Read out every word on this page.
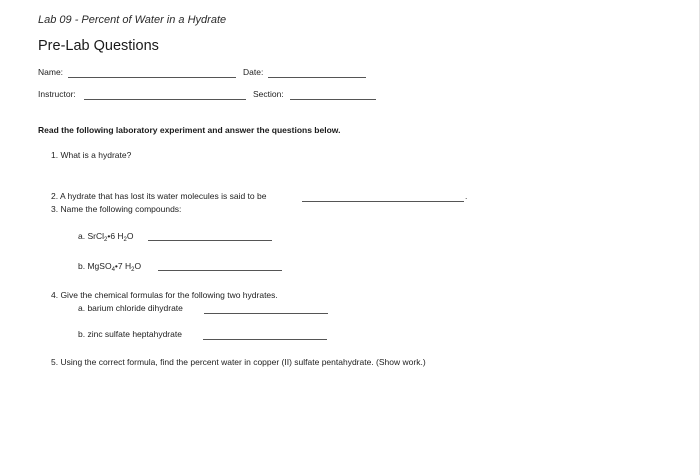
Lab 09 - Percent of Water in a Hydrate
Pre-Lab Questions
Name:	Date:
Instructor:	Section:
Read the following laboratory experiment and answer the questions below.
1. What is a hydrate?
2. A hydrate that has lost its water molecules is said to be	.
3. Name the following compounds:
a. SrCl$_2$•6 $H_2O$
b. MgSO$_4$•7 $H_2O$
4. Give the chemical formulas for the following two hydrates.
a. barium chloride dihydrate
b. zinc sulfate heptahydrate
5. Using the correct formula, find the percent water in copper (II) sulfate pentahydrate. (Show work.)
